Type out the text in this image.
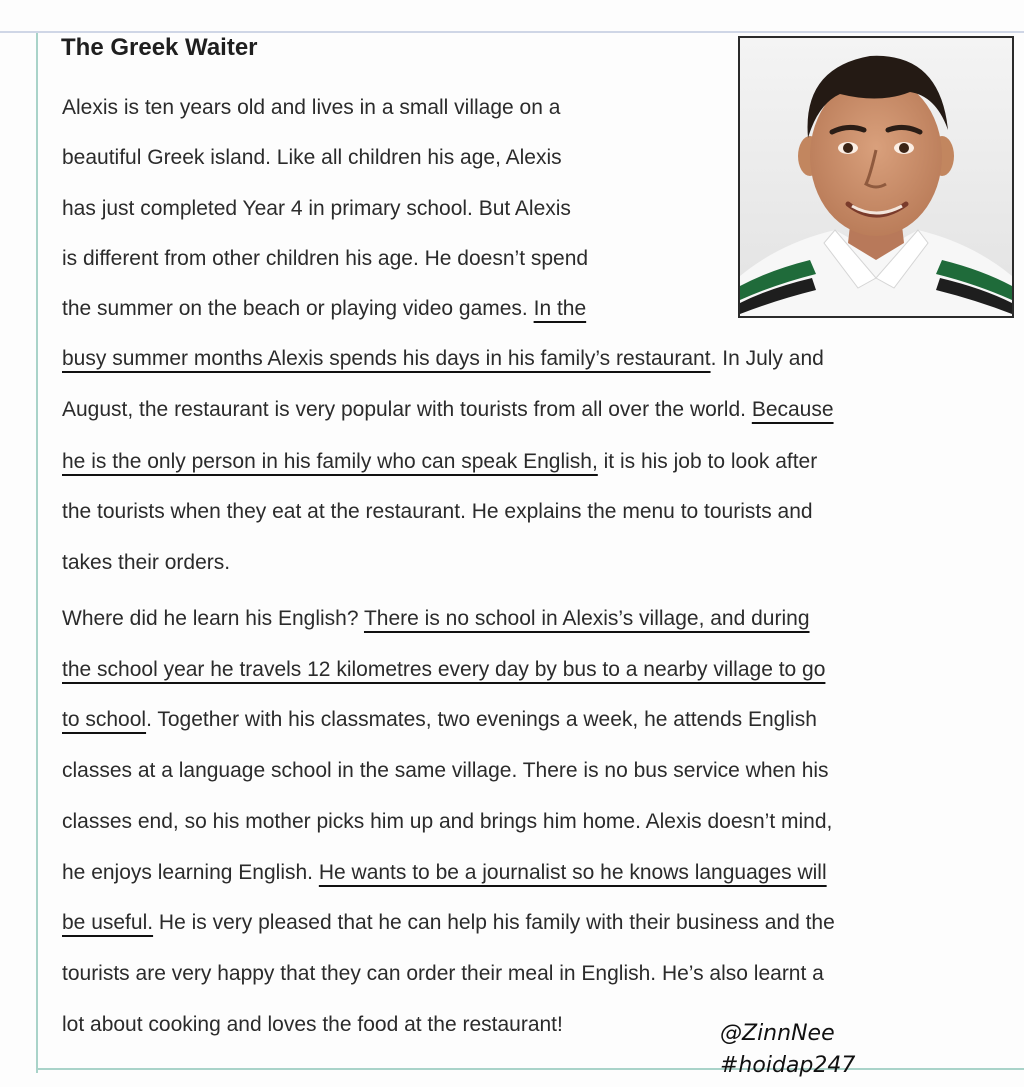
The Greek Waiter
Alexis is ten years old and lives in a small village on a
beautiful Greek island. Like all children his age, Alexis
has just completed Year 4 in primary school. But Alexis
is different from other children his age. He doesn’t spend
the summer on the beach or playing video games. In the
busy summer months Alexis spends his days in his family’s restaurant. In July and
August, the restaurant is very popular with tourists from all over the world. Because
he is the only person in his family who can speak English, it is his job to look after
the tourists when they eat at the restaurant. He explains the menu to tourists and
takes their orders.
Where did he learn his English? There is no school in Alexis’s village, and during
the school year he travels 12 kilometres every day by bus to a nearby village to go
to school. Together with his classmates, two evenings a week, he attends English
classes at a language school in the same village. There is no bus service when his
classes end, so his mother picks him up and brings him home. Alexis doesn’t mind,
he enjoys learning English. He wants to be a journalist so he knows languages will
be useful. He is very pleased that he can help his family with their business and the
tourists are very happy that they can order their meal in English. He’s also learnt a
lot about cooking and loves the food at the restaurant!	@ZinnNee
#hoidap247
